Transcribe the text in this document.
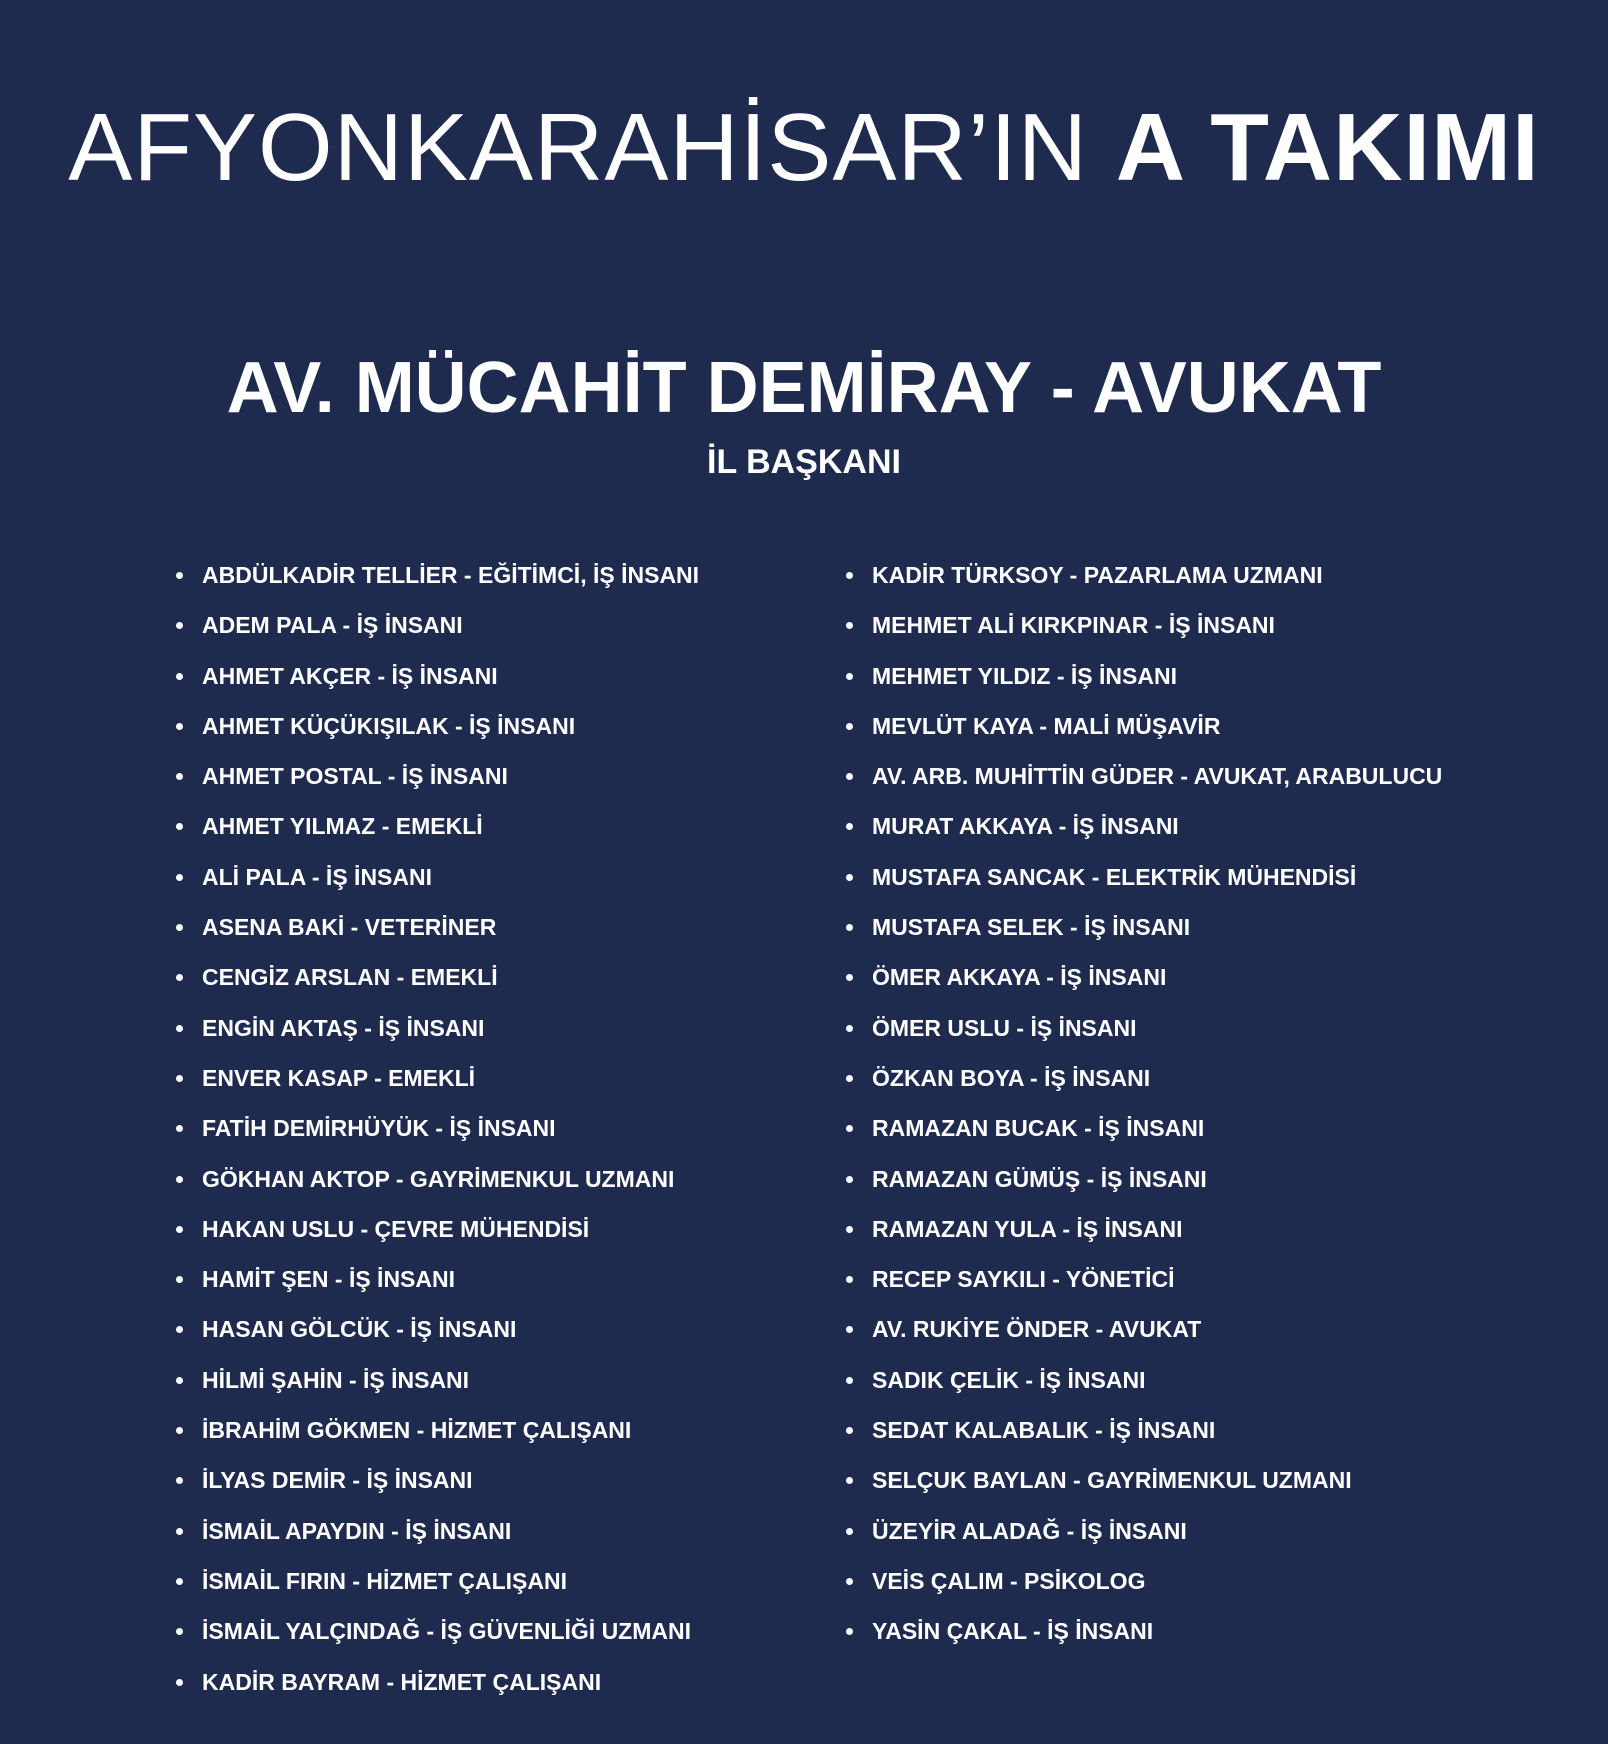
AFYONKARAHİSAR’IN A TAKIMI
AV. MÜCAHİT DEMİRAY - AVUKAT
İL BAŞKANI
ABDÜLKADİR TELLİER - EĞİTİMCİ, İŞ İNSANI
ADEM PALA - İŞ İNSANI
AHMET AKÇER - İŞ İNSANI
AHMET KÜÇÜKIŞILAK - İŞ İNSANI
AHMET POSTAL - İŞ İNSANI
AHMET YILMAZ - EMEKLİ
ALİ PALA - İŞ İNSANI
ASENA BAKİ - VETERİNER
CENGİZ ARSLAN - EMEKLİ
ENGİN AKTAŞ - İŞ İNSANI
ENVER KASAP - EMEKLİ
FATİH DEMİRHÜYÜK - İŞ İNSANI
GÖKHAN AKTOP - GAYRİMENKUL UZMANI
HAKAN USLU - ÇEVRE MÜHENDİSİ
HAMİT ŞEN - İŞ İNSANI
HASAN GÖLCÜK - İŞ İNSANI
HİLMİ ŞAHİN - İŞ İNSANI
İBRAHİM GÖKMEN - HİZMET ÇALIŞANI
İLYAS DEMİR - İŞ İNSANI
İSMAİL APAYDIN - İŞ İNSANI
İSMAİL FIRIN - HİZMET ÇALIŞANI
İSMAİL YALÇINDAĞ - İŞ GÜVENLİĞİ UZMANI
KADİR BAYRAM - HİZMET ÇALIŞANI
KADİR TÜRKSOY - PAZARLAMA UZMANI
MEHMET ALİ KIRKPINAR - İŞ İNSANI
MEHMET YILDIZ - İŞ İNSANI
MEVLÜT KAYA - MALİ MÜŞAVİR
AV. ARB. MUHİTTİN GÜDER - AVUKAT, ARABULUCU
MURAT AKKAYA - İŞ İNSANI
MUSTAFA SANCAK - ELEKTRİK MÜHENDİSİ
MUSTAFA SELEK - İŞ İNSANI
ÖMER AKKAYA - İŞ İNSANI
ÖMER USLU - İŞ İNSANI
ÖZKAN BOYA - İŞ İNSANI
RAMAZAN BUCAK - İŞ İNSANI
RAMAZAN GÜMÜŞ - İŞ İNSANI
RAMAZAN YULA - İŞ İNSANI
RECEP SAYKILI - YÖNETİCİ
AV. RUKİYE ÖNDER - AVUKAT
SADIK ÇELİK - İŞ İNSANI
SEDAT KALABALIK - İŞ İNSANI
SELÇUK BAYLAN - GAYRİMENKUL UZMANI
ÜZEYİR ALADAĞ - İŞ İNSANI
VEİS ÇALIM - PSİKOLOG
YASİN ÇAKAL - İŞ İNSANI
